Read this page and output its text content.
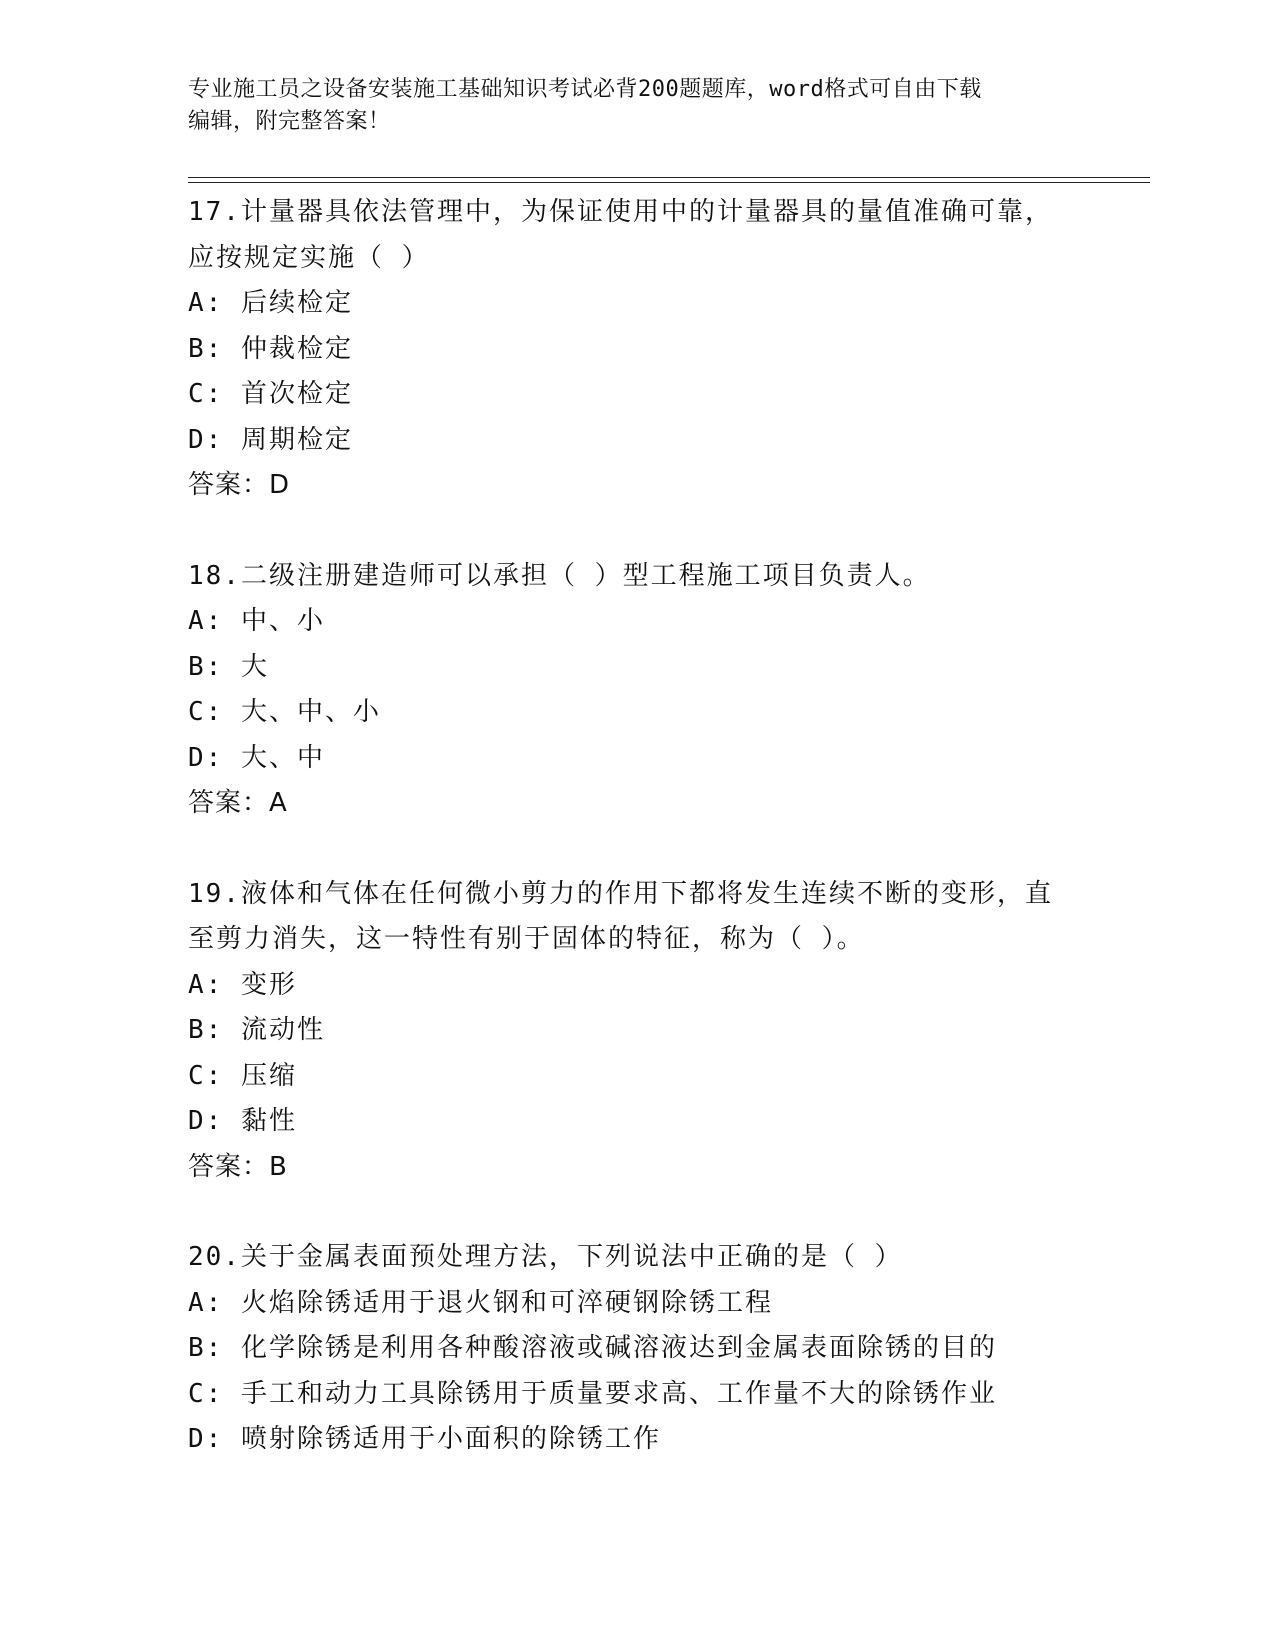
专业施工员之设备安装施工基础知识考试必背200题题库，word格式可自由下载
编辑，附完整答案！
17.计量器具依法管理中，为保证使用中的计量器具的量值准确可靠，应按规定实施（ ）
A: 后续检定
B: 仲裁检定
C: 首次检定
D: 周期检定
答案：D
18.二级注册建造师可以承担（ ）型工程施工项目负责人。
A: 中、小
B: 大
C: 大、中、小
D: 大、中
答案：A
19.液体和气体在任何微小剪力的作用下都将发生连续不断的变形，直至剪力消失，这一特性有别于固体的特征，称为（ ）。
A: 变形
B: 流动性
C: 压缩
D: 黏性
答案：B
20.关于金属表面预处理方法，下列说法中正确的是（ ）
A: 火焰除锈适用于退火钢和可淬硬钢除锈工程
B: 化学除锈是利用各种酸溶液或碱溶液达到金属表面除锈的目的
C: 手工和动力工具除锈用于质量要求高、工作量不大的除锈作业
D: 喷射除锈适用于小面积的除锈工作
